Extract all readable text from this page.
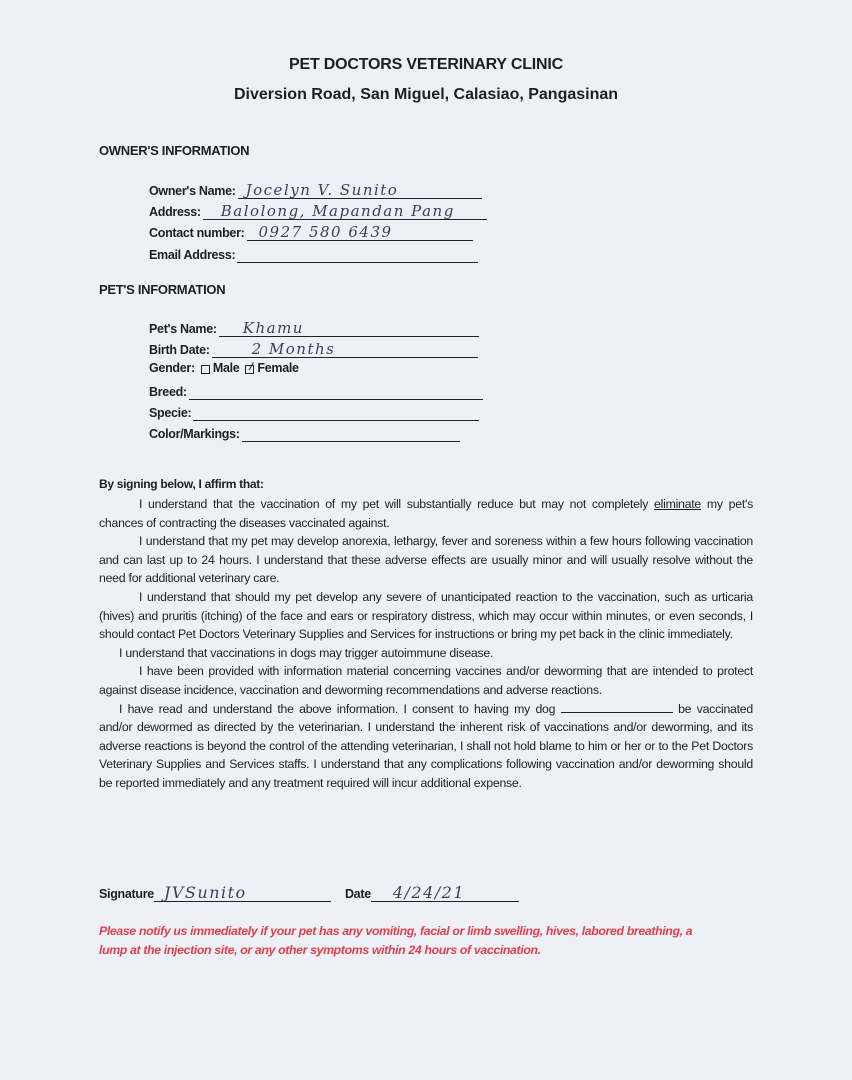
PET DOCTORS VETERINARY CLINIC
Diversion Road, San Miguel, Calasiao, Pangasinan
OWNER'S INFORMATION
Owner's Name: Jocelyn V. Sunito
Address: Balolong, Mapandan Pang
Contact number: 0927 580 6439
Email Address:
PET'S INFORMATION
Pet's Name: Khamu
Birth Date:	2 Months
Gender: Male Female
Breed:
Specie:
Color/Markings:
By signing below, I affirm that:

I understand that the vaccination of my pet will substantially reduce but may not completely eliminate my pet's chances of contracting the diseases vaccinated against.

I understand that my pet may develop anorexia, lethargy, fever and soreness within a few hours following vaccination and can last up to 24 hours. I understand that these adverse effects are usually minor and will usually resolve without the need for additional veterinary care.

I understand that should my pet develop any severe of unanticipated reaction to the vaccination, such as urticaria (hives) and pruritis (itching) of the face and ears or respiratory distress, which may occur within minutes, or even seconds, I should contact Pet Doctors Veterinary Supplies and Services for instructions or bring my pet back in the clinic immediately.

I understand that vaccinations in dogs may trigger autoimmune disease.

I have been provided with information material concerning vaccines and/or deworming that are intended to protect against disease incidence, vaccination and deworming recommendations and adverse reactions.

I have read and understand the above information. I consent to having my dog	be vaccinated and/or dewormed as directed by the veterinarian. I understand the inherent risk of vaccinations and/or deworming, and its adverse reactions is beyond the control of the attending veterinarian, I shall not hold blame to him or her or to the Pet Doctors Veterinary Supplies and Services staffs. I understand that any complications following vaccination and/or deworming should be reported immediately and any treatment required will incur additional expense.

Signature JVSunito	Date 4/24/21
Please notify us immediately if your pet has any vomiting, facial or limb swelling, hives, labored breathing, a lump at the injection site, or any other symptoms within 24 hours of vaccination.
